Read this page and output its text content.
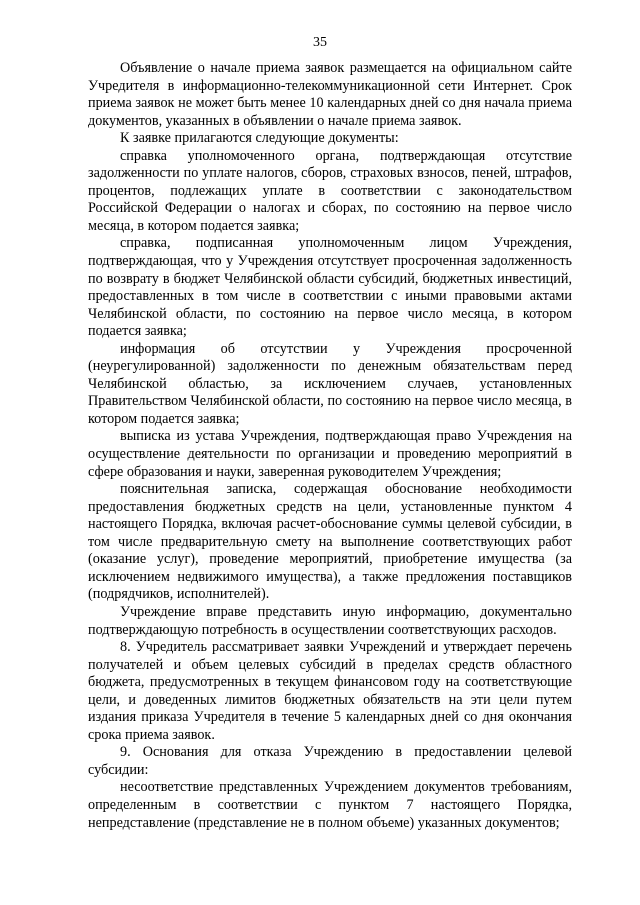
35

Объявление о начале приема заявок размещается на официальном сайте Учредителя в информационно-телекоммуникационной сети Интернет. Срок приема заявок не может быть менее 10 календарных дней со дня начала приема документов, указанных в объявлении о начале приема заявок.

К заявке прилагаются следующие документы:

справка уполномоченного органа, подтверждающая отсутствие задолженности по уплате налогов, сборов, страховых взносов, пеней, штрафов, процентов, подлежащих уплате в соответствии с законодательством Российской Федерации о налогах и сборах, по состоянию на первое число месяца, в котором подается заявка;

справка, подписанная уполномоченным лицом Учреждения, подтверждающая, что у Учреждения отсутствует просроченная задолженность по возврату в бюджет Челябинской области субсидий, бюджетных инвестиций, предоставленных в том числе в соответствии с иными правовыми актами Челябинской области, по состоянию на первое число месяца, в котором подается заявка;

информация об отсутствии у Учреждения просроченной (неурегулированной) задолженности по денежным обязательствам перед Челябинской областью, за исключением случаев, установленных Правительством Челябинской области, по состоянию на первое число месяца, в котором подается заявка;

выписка из устава Учреждения, подтверждающая право Учреждения на осуществление деятельности по организации и проведению мероприятий в сфере образования и науки, заверенная руководителем Учреждения;

пояснительная записка, содержащая обоснование необходимости предоставления бюджетных средств на цели, установленные пунктом 4 настоящего Порядка, включая расчет-обоснование суммы целевой субсидии, в том числе предварительную смету на выполнение соответствующих работ (оказание услуг), проведение мероприятий, приобретение имущества (за исключением недвижимого имущества), а также предложения поставщиков (подрядчиков, исполнителей).

Учреждение вправе представить иную информацию, документально подтверждающую потребность в осуществлении соответствующих расходов.

8. Учредитель рассматривает заявки Учреждений и утверждает перечень получателей и объем целевых субсидий в пределах средств областного бюджета, предусмотренных в текущем финансовом году на соответствующие цели, и доведенных лимитов бюджетных обязательств на эти цели путем издания приказа Учредителя в течение 5 календарных дней со дня окончания срока приема заявок.

9. Основания для отказа Учреждению в предоставлении целевой субсидии:

несоответствие представленных Учреждением документов требованиям, определенным в соответствии с пунктом 7 настоящего Порядка, непредставление (представление не в полном объеме) указанных документов;
